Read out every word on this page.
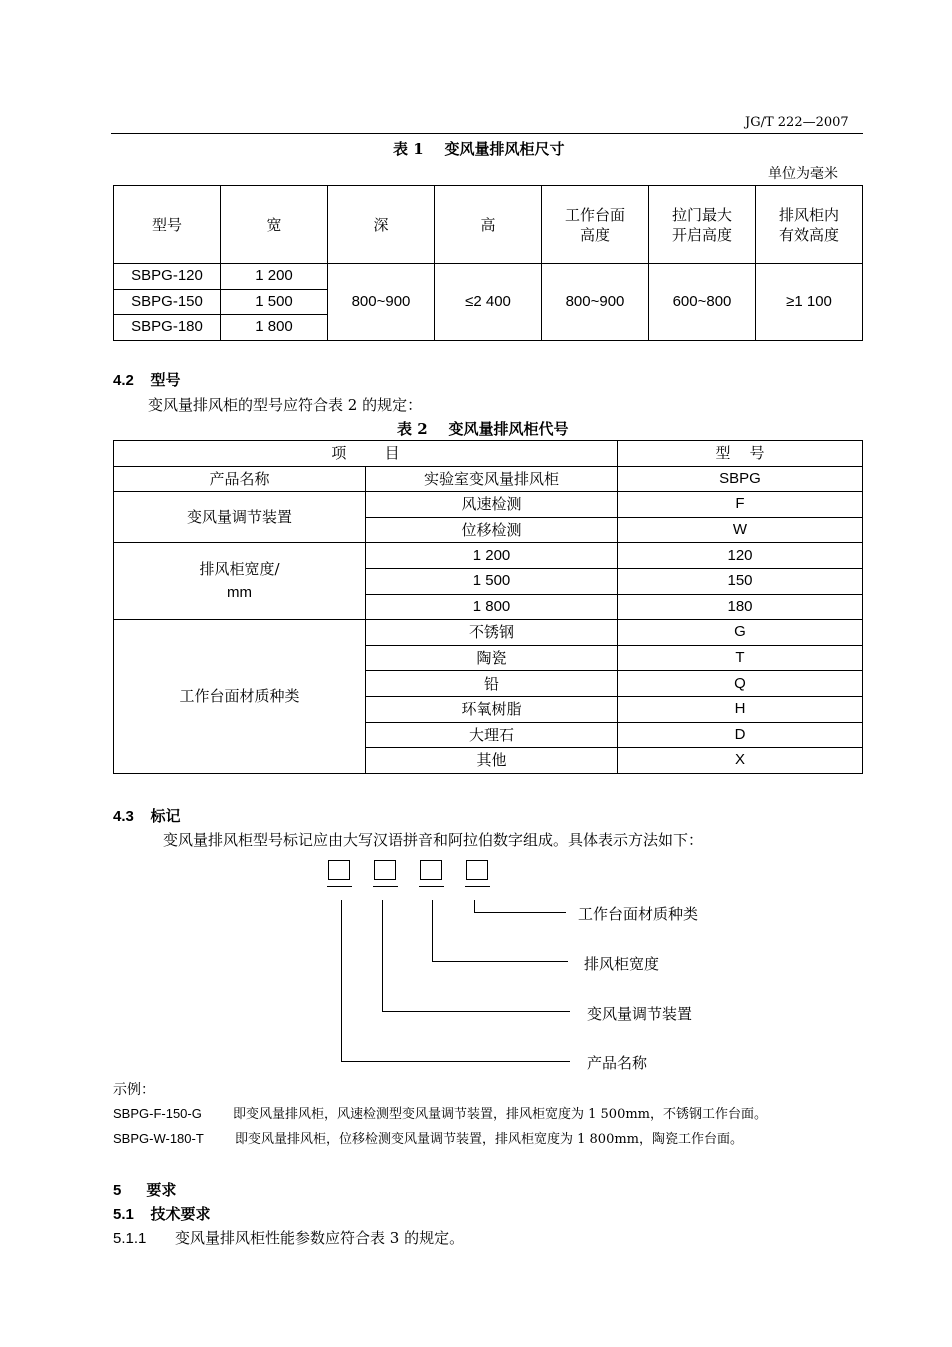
JG/T 222—2007
表 1    变风量排风柜尺寸
单位为毫米
型号	宽	深	高	工作台面高度	拉门最大开启高度	排风柜内有效高度
SBPG-120	1 200	800~900	≤2 400	800~900	600~800	≥1 100
SBPG-150	1 500					
SBPG-180	1 800					
4.2    型号
变风量排风柜的型号应符合表 2 的规定：
表 2    变风量排风柜代号
项        目		型    号
产品名称	实验室变风量排风柜	SBPG
变风量调节装置	风速检测	F
	位移检测	W

排风柜宽度/
mm	1 200	120
	1 500	150
	1 800	180
工作台面材质种类	不锈钢	G
	陶瓷	T
	铅	Q
	环氧树脂	H
	大理石	D
	其他	X
4.3    标记
变风量排风柜型号标记应由大写汉语拼音和阿拉伯数字组成。具体表示方法如下：
工作台面材质种类
排风柜宽度
变风量调节装置
产品名称
示例：
SBPG-F-150-G 即变风量排风柜，风速检测型变风量调节装置，排风柜宽度为 1 500mm，不锈钢工作台面。
SBPG-W-180-T 即变风量排风柜，位移检测变风量调节装置，排风柜宽度为 1 800mm，陶瓷工作台面。
5      要求
5.1    技术要求
5.1.1 变风量排风柜性能参数应符合表 3 的规定。
